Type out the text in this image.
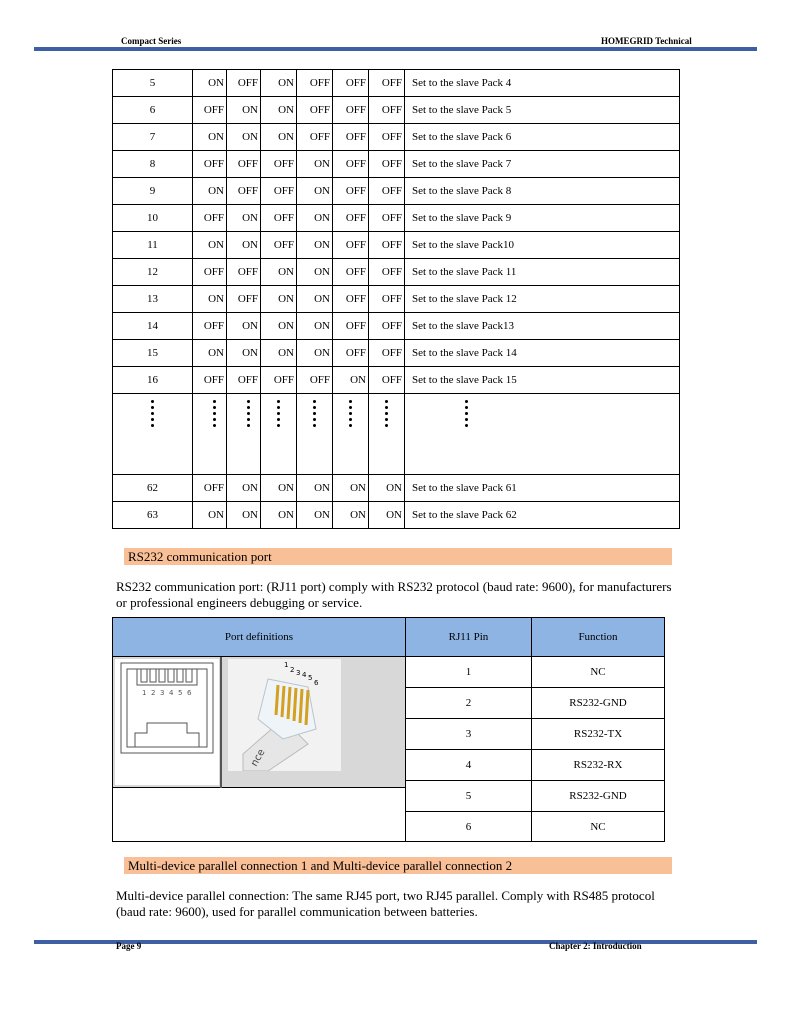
Compact Series	HOMEGRID Technical
5	ON	OFF	ON	OFF	OFF	OFF	Set to the slave Pack 4
6	OFF	ON	ON	OFF	OFF	OFF	Set to the slave Pack 5
7	ON	ON	ON	OFF	OFF	OFF	Set to the slave Pack 6
8	OFF	OFF	OFF	ON	OFF	OFF	Set to the slave Pack 7
9	ON	OFF	OFF	ON	OFF	OFF	Set to the slave Pack 8
10	OFF	ON	OFF	ON	OFF	OFF	Set to the slave Pack 9
11	ON	ON	OFF	ON	OFF	OFF	Set to the slave Pack10
12	OFF	OFF	ON	ON	OFF	OFF	Set to the slave Pack 11
13	ON	OFF	ON	ON	OFF	OFF	Set to the slave Pack 12
14	OFF	ON	ON	ON	OFF	OFF	Set to the slave Pack13
15	ON	ON	ON	ON	OFF	OFF	Set to the slave Pack 14
16	OFF	OFF	OFF	OFF	ON	OFF	Set to the slave Pack 15

62	OFF	ON	ON	ON	ON	ON	Set to the slave Pack 61
63	ON	ON	ON	ON	ON	ON	Set to the slave Pack 62
RS232 communication port
RS232 communication port: (RJ11 port) comply with RS232 protocol (baud rate: 9600), for manufacturers or professional engineers debugging or service.
Port definitions	RJ11 Pin	Function
1 2 3 4 5 6
1
2 3 4 5
6
nce
1	NC
2	RS232-GND
3	RS232-TX
4	RS232-RX
5	RS232-GND
6	NC
Multi-device parallel connection 1 and Multi-device parallel connection 2
Multi-device parallel connection: The same RJ45 port, two RJ45 parallel. Comply with RS485 protocol (baud rate: 9600), used for parallel communication between batteries.
Page 9	Chapter 2: Introduction
